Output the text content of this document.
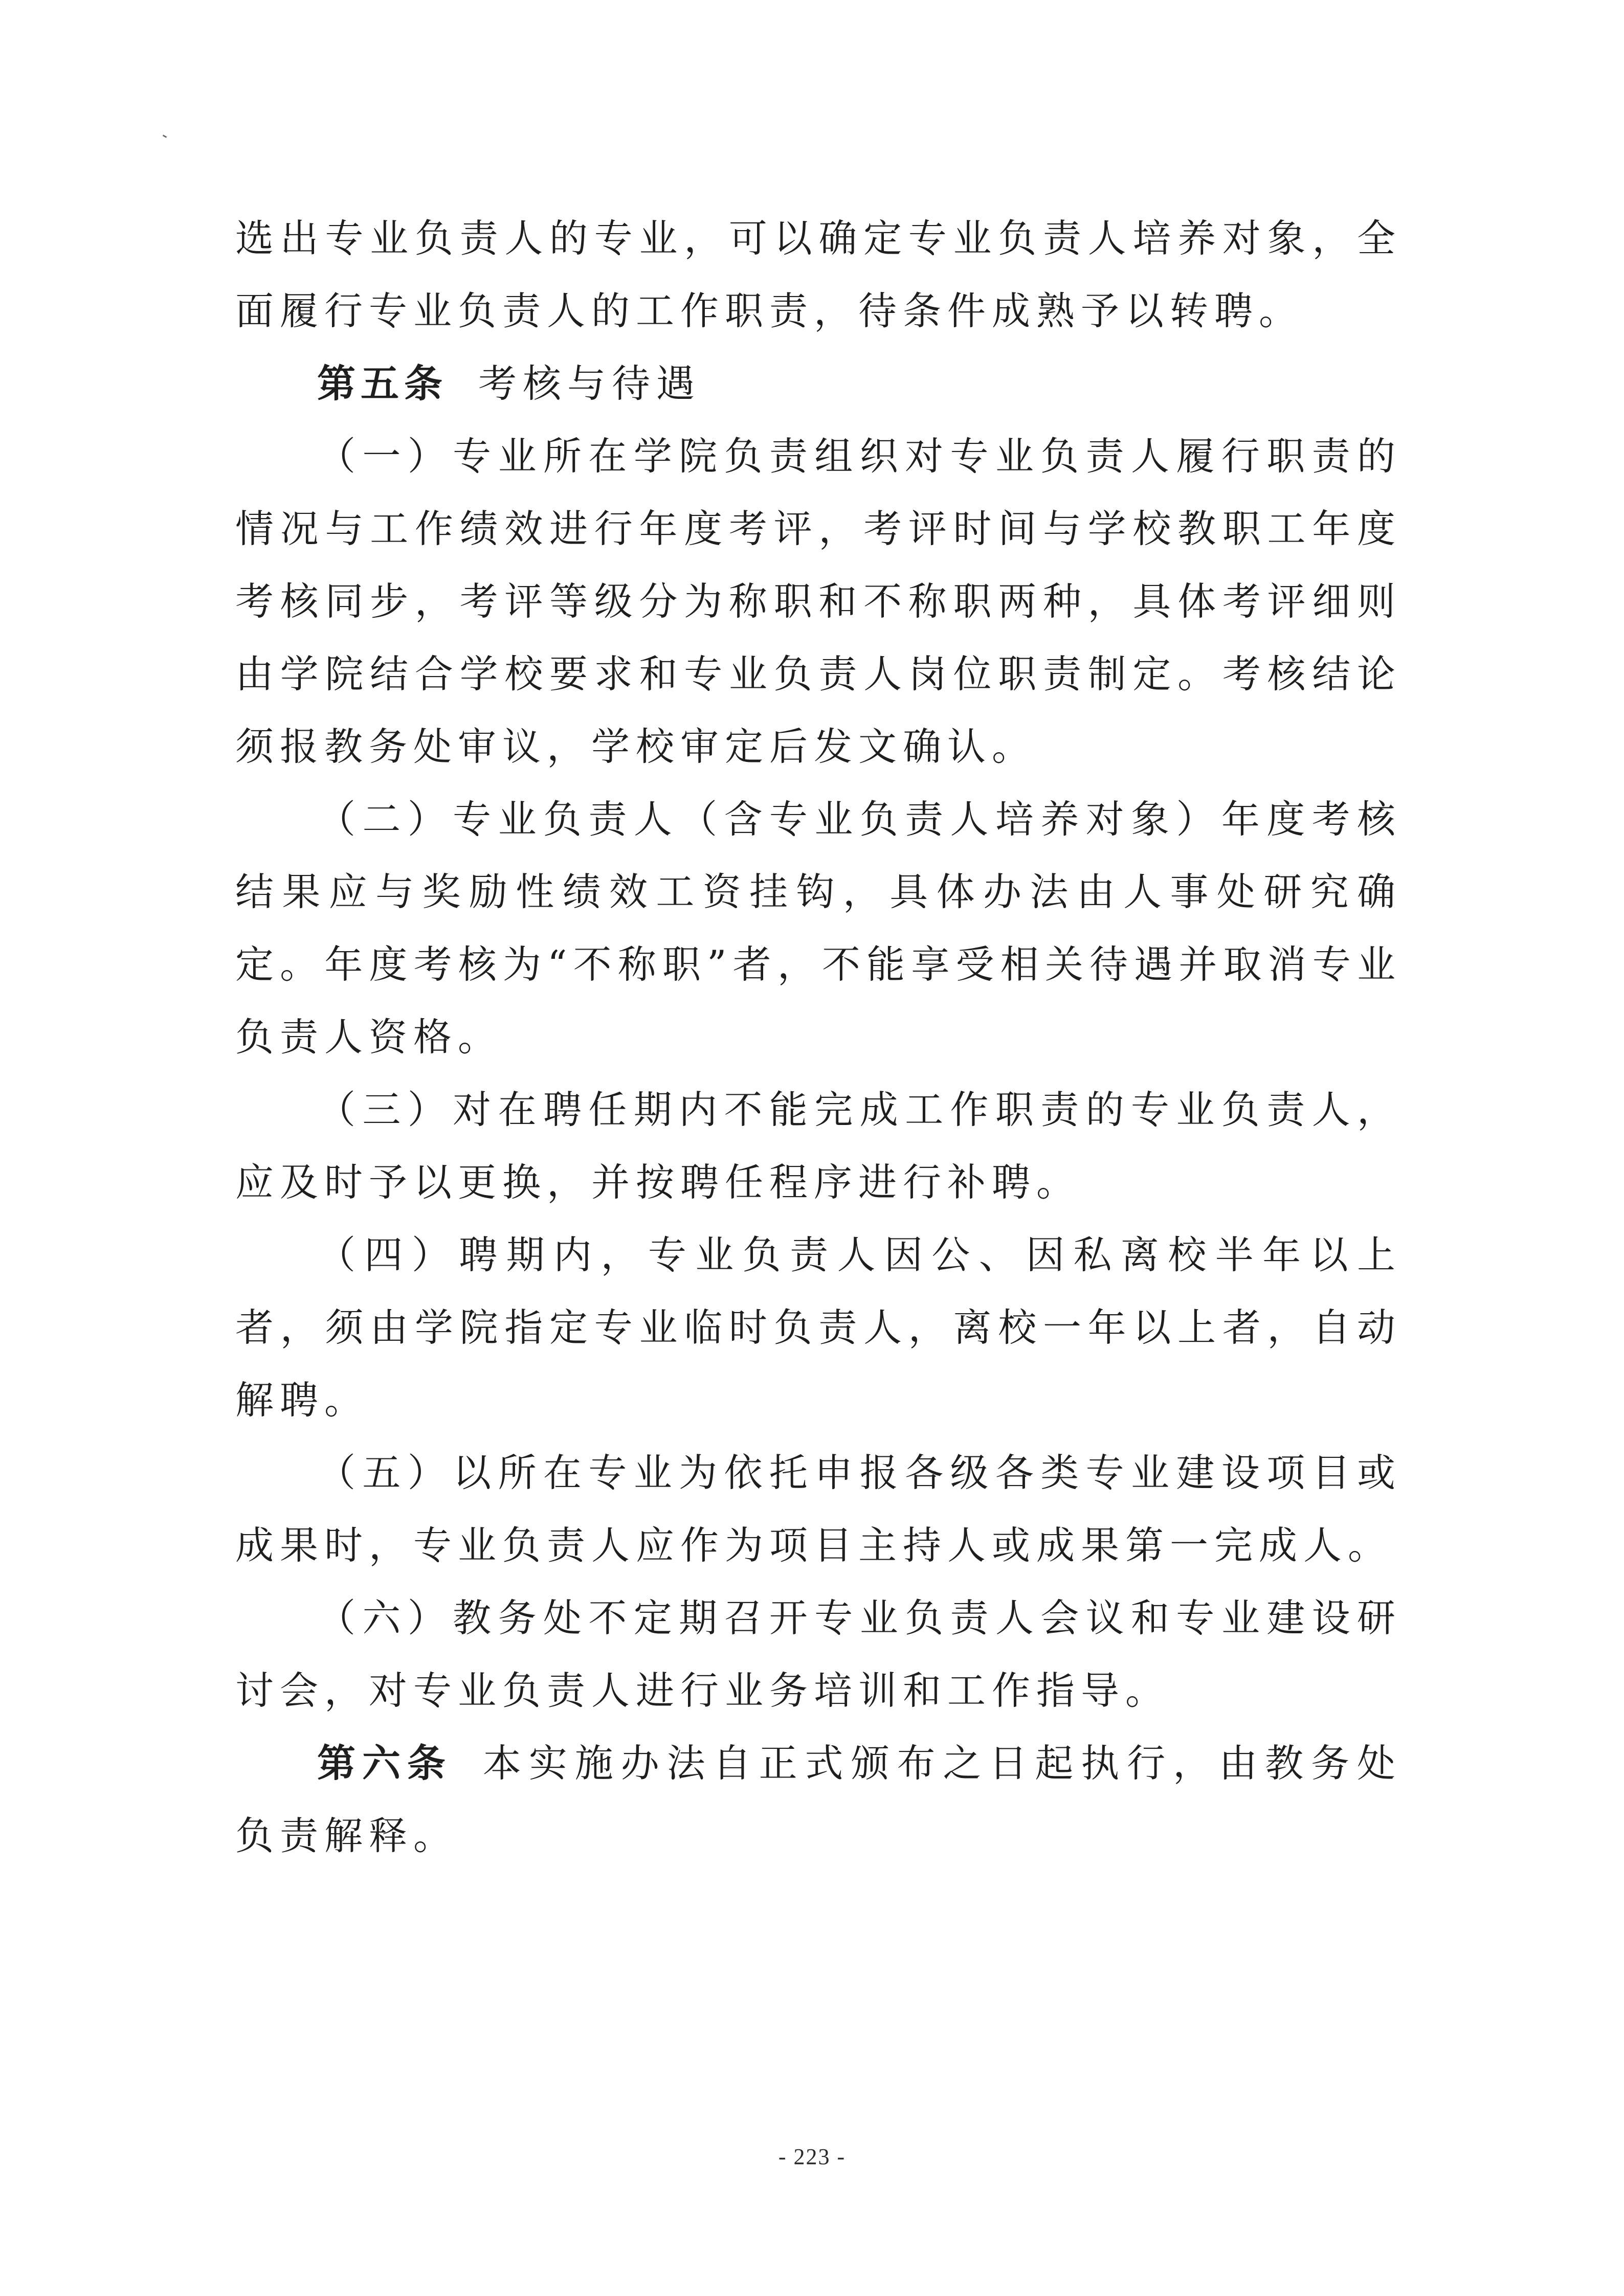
选出专业负责人的专业，可以确定专业负责人培养对象，全面履行专业负责人的工作职责，待条件成熟予以转聘。

第五条 考核与待遇

（一）专业所在学院负责组织对专业负责人履行职责的情况与工作绩效进行年度考评，考评时间与学校教职工年度考核同步，考评等级分为称职和不称职两种，具体考评细则由学院结合学校要求和专业负责人岗位职责制定。考核结论须报教务处审议，学校审定后发文确认。

（二）专业负责人（含专业负责人培养对象）年度考核结果应与奖励性绩效工资挂钩，具体办法由人事处研究确定。年度考核为“不称职”者，不能享受相关待遇并取消专业负责人资格。

（三）对在聘任期内不能完成工作职责的专业负责人，应及时予以更换，并按聘任程序进行补聘。

（四）聘期内，专业负责人因公、因私离校半年以上者，须由学院指定专业临时负责人，离校一年以上者，自动解聘。

（五）以所在专业为依托申报各级各类专业建设项目或成果时，专业负责人应作为项目主持人或成果第一完成人。

（六）教务处不定期召开专业负责人会议和专业建设研讨会，对专业负责人进行业务培训和工作指导。

第六条 本实施办法自正式颁布之日起执行，由教务处负责解释。

- 223 -
